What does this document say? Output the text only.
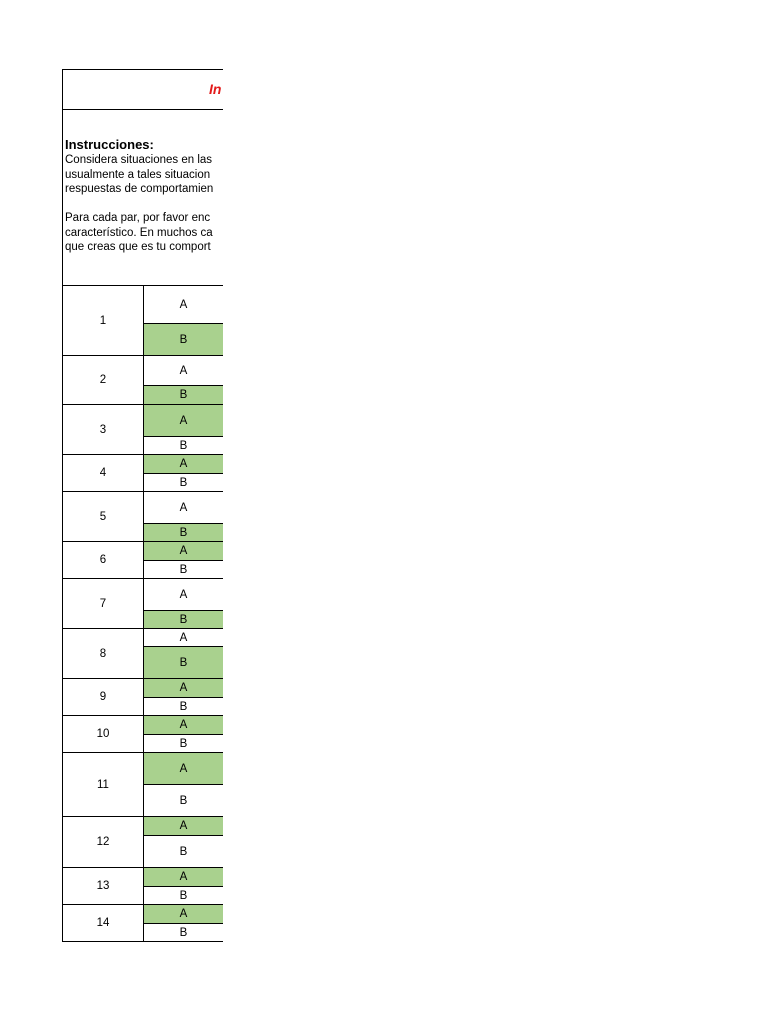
In
Instrucciones:
Considera situaciones en las
usualmente a tales situacion
respuestas de comportamien
Para cada par, por favor enc
característico. En muchos ca
que creas que es tu comport
1	A
	B
2	A
	B
3	A
	B
4	A
	B
5	A
	B
6	A
	B
7	A
	B
8	A
	B
9	A
	B
10	A
	B
11	A
	B
12	A
	B
13	A
	B
14	A
	B
